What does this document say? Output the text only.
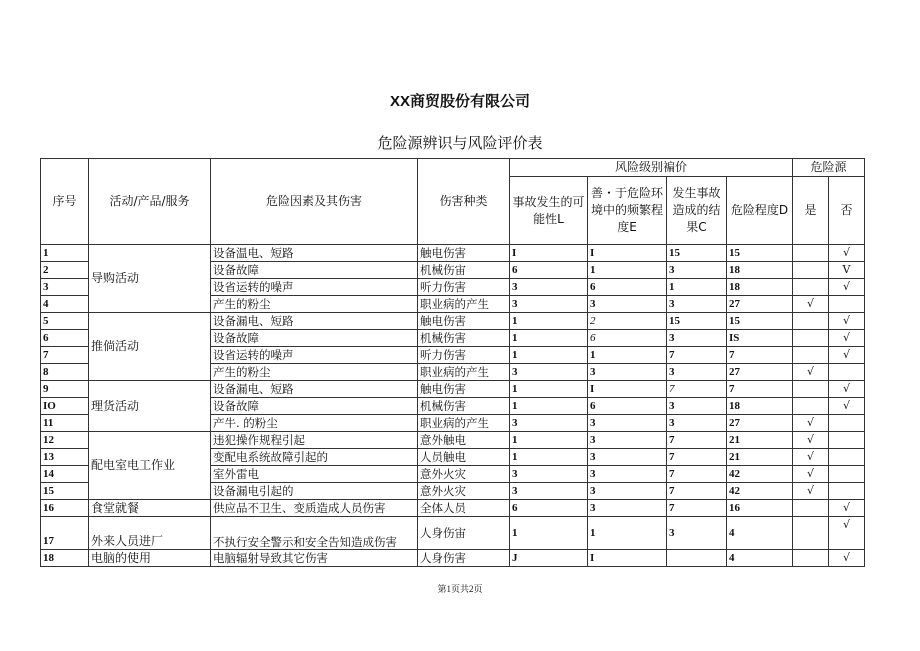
XX商贸股份有限公司
危险源辨识与风险评价表
序号	活动/产品/服务	危险因素及其伤害	伤害种类	风险级别褊价				危险源	
				事故发生的可能性L	善・于危险环境中的频繁程度E	发生事故造成的结果C	危险程度D	是	否
1	导购活动	设备温电、短路	触电伤害	I	I	15	15		√
2		设备故障	机械伤宙	6	1	3	18		V
3		设省运转的噪声	听力伤害	3	6	1	18		√
4		产生的粉尘	职业病的产生	3	3	3	27	√	
5	推倘活动	设备漏电、短路	触电伤害	1	2	15	15		√
6		设备故障	机械伤害	1	6	3	IS		√
7		设省运转的噪声	听力伤害	1	1	7	7		√
8		产生的粉尘	职业病的产生	3	3	3	27	√	
9	理货活动	设备漏电、短路	触电伤害	1	I	7	7		√
IO		设备故障	机械伤害	1	6	3	18		√
11		产牛. 的粉尘	职业病的产生	3	3	3	27	√	
12	配电室电工作业	违犯操作规程引起	意外触电	1	3	7	21	√	
13		变配电系统故障引起的	人员触电	1	3	7	21	√	
14		室外雷电	意外火灾	3	3	7	42	√	
15		设备漏电引起的	意外火灾	3	3	7	42	√	
16	食堂就餐	供应品不卫生、变质造成人员伤害	全体人员	6	3	7	16		√
17	外来人员进厂	不执行安全警示和安全告知造成伤害	人身伤宙	1	1	3	4		√
18	电脑的使用	电脑辐射导致其它伤害	人身伤害	J	I		4		√
第1页共2页
